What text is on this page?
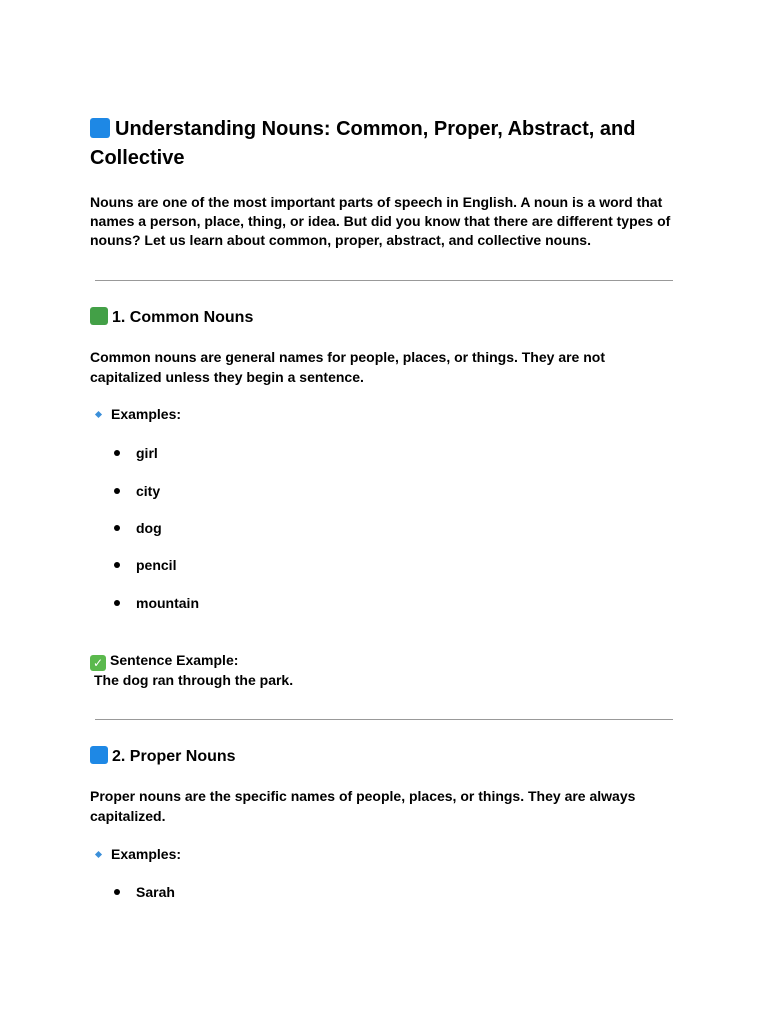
Understanding Nouns: Common, Proper, Abstract, and Collective

Nouns are one of the most important parts of speech in English. A noun is a word that names a person, place, thing, or idea. But did you know that there are different types of nouns? Let us learn about common, proper, abstract, and collective nouns.

1. Common Nouns

Common nouns are general names for people, places, or things. They are not capitalized unless they begin a sentence.

Examples:
girl
city
dog
pencil
mountain
✓ Sentence Example:
The dog ran through the park.
2. Proper Nouns

Proper nouns are the specific names of people, places, or things. They are always capitalized.

Examples:
Sarah
